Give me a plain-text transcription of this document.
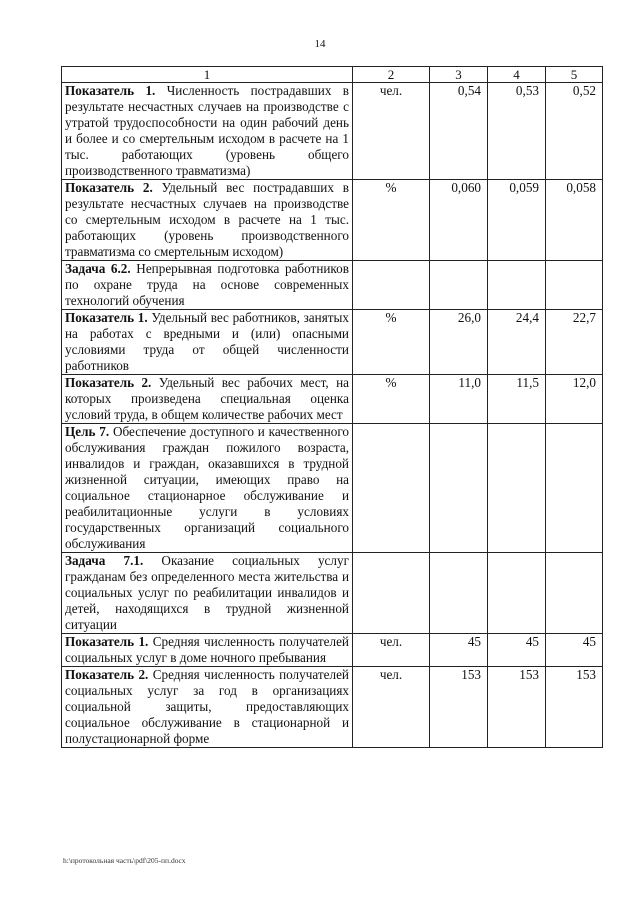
14
1	2	3	4	5
Показатель 1. Численность пострадавших в результате несчастных случаев на производстве с утратой трудоспособности на один рабочий день и более и со смертельным исходом в расчете на 1 тыс. работающих (уровень общего производственного травматизма)	чел.	0,54	0,53	0,52
Показатель 2. Удельный вес пострадавших в результате несчастных случаев на производстве со смертельным исходом в расчете на 1 тыс. работающих (уровень производственного травматизма со смертельным исходом)	%	0,060	0,059	0,058
Задача 6.2. Непрерывная подготовка работников по охране труда на основе современных технологий обучения				
Показатель 1. Удельный вес работников, занятых на работах с вредными и (или) опасными условиями труда от общей численности работников	%	26,0	24,4	22,7
Показатель 2. Удельный вес рабочих мест, на которых произведена специальная оценка условий труда, в общем количестве рабочих мест	%	11,0	11,5	12,0
Цель 7. Обеспечение доступного и качественного обслуживания граждан пожилого возраста, инвалидов и граждан, оказавшихся в трудной жизненной ситуации, имеющих право на социальное стационарное обслуживание и реабилитационные услуги в условиях государственных организаций социального обслуживания				
Задача 7.1. Оказание социальных услуг гражданам без определенного места жительства и социальных услуг по реабилитации инвалидов и детей, находящихся в трудной жизненной ситуации				
Показатель 1. Средняя численность получателей социальных услуг в доме ночного пребывания	чел.	45	45	45
Показатель 2. Средняя численность получателей социальных услуг за год в организациях социальной защиты, предоставляющих социальное обслуживание в стационарной и полустационарной форме	чел.	153	153	153
h:\протокольная часть\pdf\205-пп.docx
